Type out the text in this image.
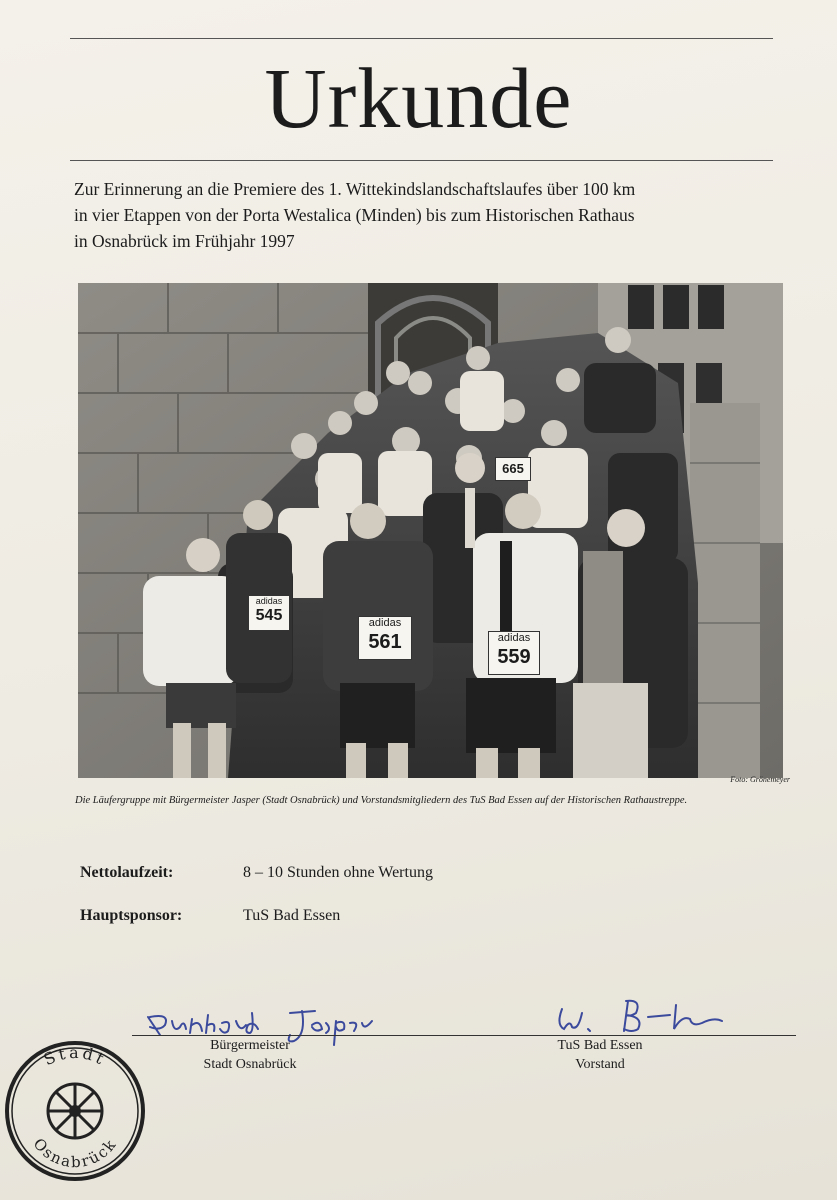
Urkunde
Zur Erinnerung an die Premiere des 1. Wittekindslandschaftslaufes über 100 km
in vier Etappen von der Porta Westalica (Minden) bis zum Historischen Rathaus
in Osnabrück im Frühjahr 1997
adidas
545	adidas
561	adidas
559
665
Foto: Grönemeyer
Die Läufergruppe mit Bürgermeister Jasper (Stadt Osnabrück) und Vorstandsmitgliedern des TuS Bad Essen auf der Historischen Rathaustreppe.
Nettolaufzeit:	8 – 10 Stunden ohne Wertung
Hauptsponsor:	TuS Bad Essen
Bürgermeister
Stadt Osnabrück
TuS Bad Essen
Vorstand
Stadt
Osnabrück
